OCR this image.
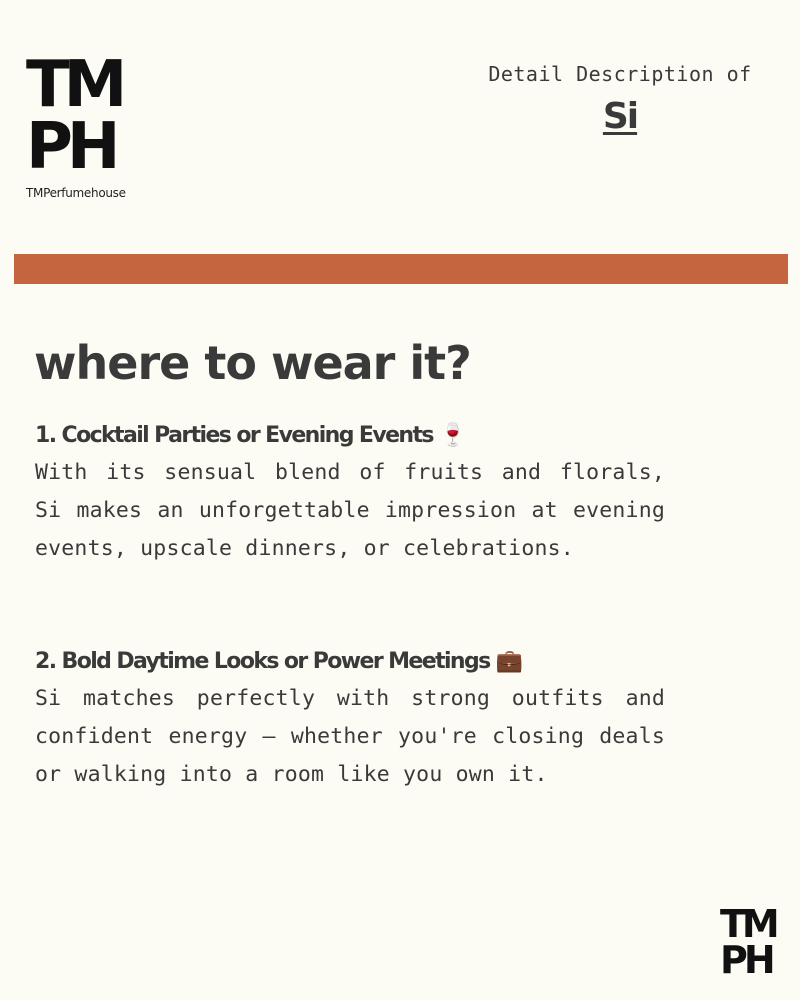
TM
PH
TMPerfumehouse
Detail Description of
Si
where to wear it?
1. Cocktail Parties or Evening Events 🍷

With its sensual blend of fruits and florals, Si makes an unforgettable impression at evening events, upscale dinners, or celebrations.

2. Bold Daytime Looks or Power Meetings 💼

Si matches perfectly with strong outfits and confident energy — whether you're closing deals or walking into a room like you own it.

TM
PH
